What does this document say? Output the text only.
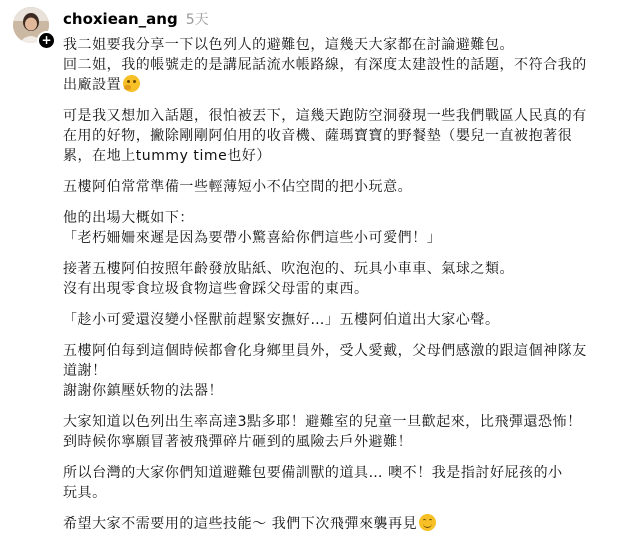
+
choxiean_ang 5天
我二姐要我分享一下以色列人的避難包，這幾天大家都在討論避難包。
回二姐，我的帳號走的是講屁話流水帳路線，有深度太建設性的話題，不符合我的
出廠設置
可是我又想加入話題，很怕被丟下，這幾天跑防空洞發現一些我們戰區人民真的有
在用的好物，撇除剛剛阿伯用的收音機、薩瑪寶寶的野餐墊（嬰兒一直被抱著很
累，在地上tummy time也好）
五樓阿伯常常準備一些輕薄短小不佔空間的把小玩意。
他的出場大概如下：
「老朽姍姍來遲是因為要帶小驚喜給你們這些小可愛們！」
接著五樓阿伯按照年齡發放貼紙、吹泡泡的、玩具小車車、氣球之類。
沒有出現零食垃圾食物這些會踩父母雷的東西。
「趁小可愛還沒變小怪獸前趕緊安撫好…」五樓阿伯道出大家心聲。
五樓阿伯每到這個時候都會化身鄉里員外，受人愛戴，父母們感激的跟這個神隊友
道謝！
謝謝你鎮壓妖物的法器！
大家知道以色列出生率高達3點多耶！避難室的兒童一旦歡起來，比飛彈還恐怖！
到時候你寧願冒著被飛彈碎片砸到的風險去戶外避難！
所以台灣的大家你們知道避難包要備訓獸的道具… 噢不！我是指討好屁孩的小
玩具。
希望大家不需要用的這些技能～ 我們下次飛彈來襲再見
